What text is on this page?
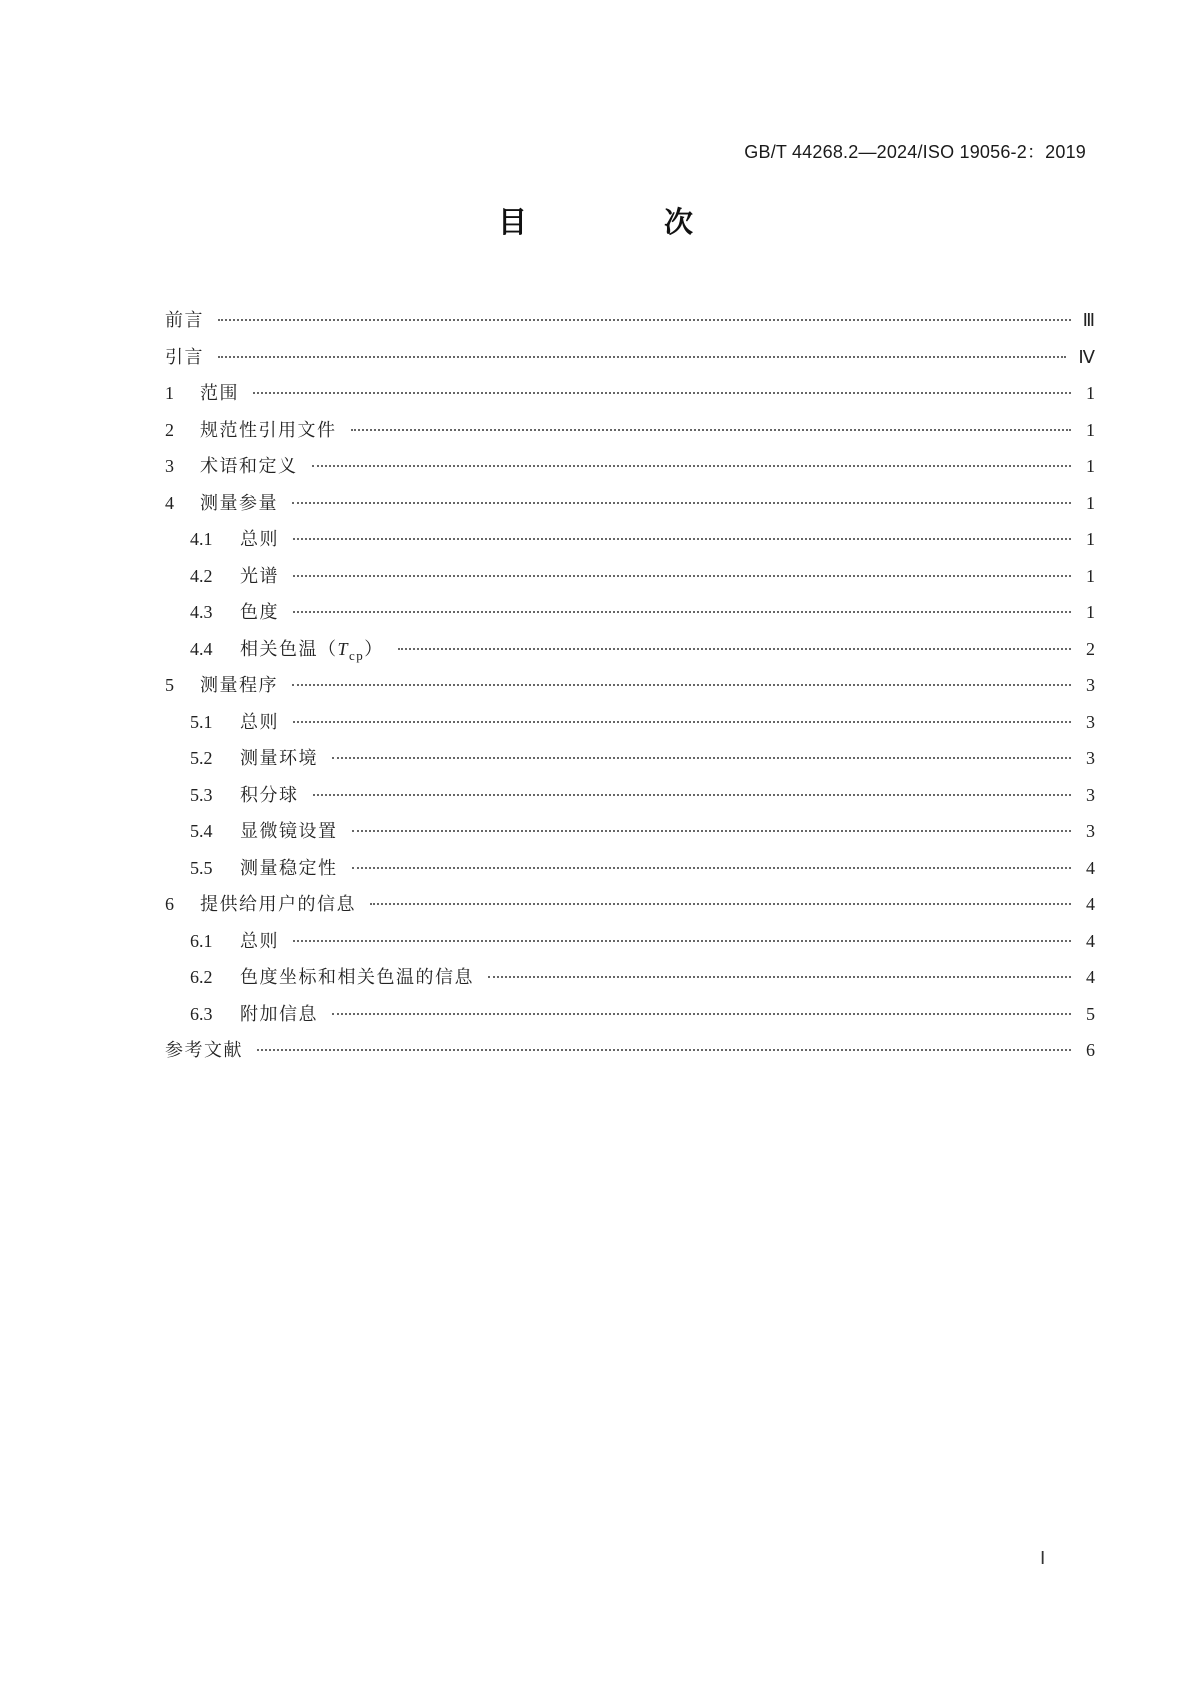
GB/T 44268.2—2024/ISO 19056-2：2019
目　次
前言	Ⅲ
引言	Ⅳ
1	范围	1
2	规范性引用文件	1
3	术语和定义	1
4	测量参量	1
4.1	总则	1
4.2	光谱	1
4.3	色度	1
4.4	相关色温$(T_{cp})$	2
5	测量程序	3
5.1	总则	3
5.2	测量环境	3
5.3	积分球	3
5.4	显微镜设置	3
5.5	测量稳定性	4
6	提供给用户的信息	4
6.1	总则	4
6.2	色度坐标和相关色温的信息	4
6.3	附加信息	5
参考文献	6
Ⅰ
